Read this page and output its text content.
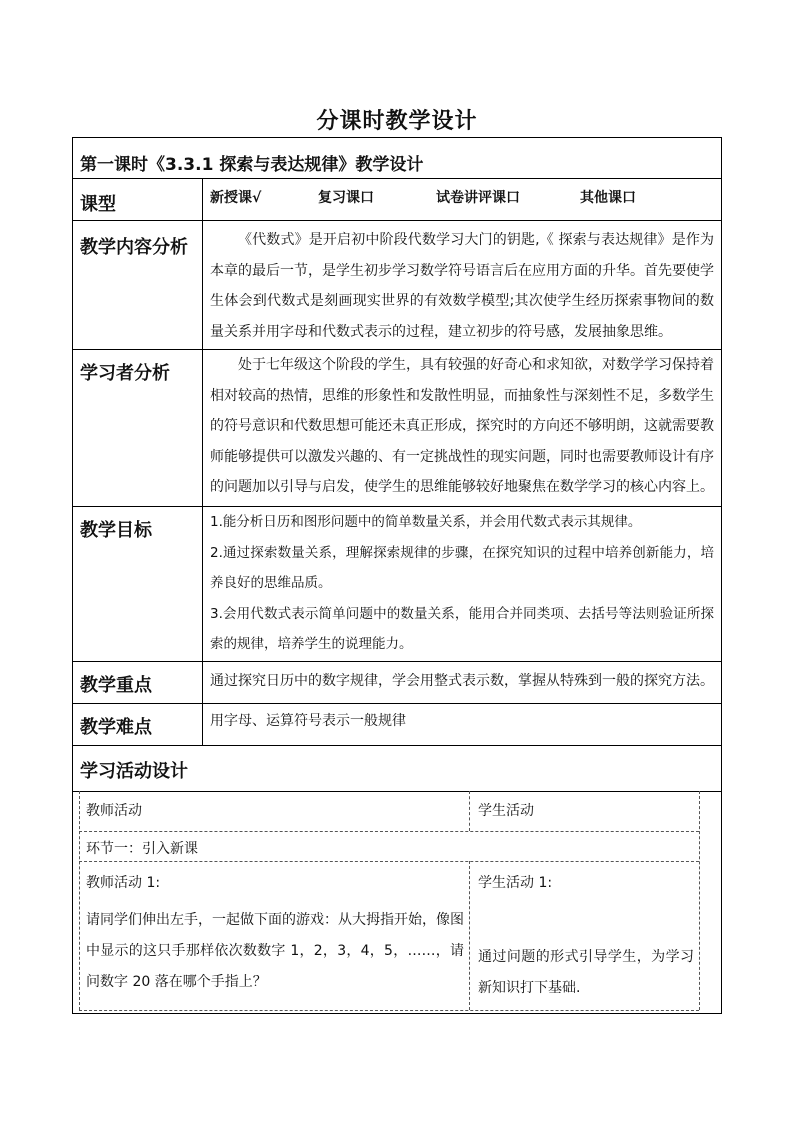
分课时教学设计
第一课时《3.3.1 探索与表达规律》教学设计
课型	新授课√	复习课口	试卷讲评课口	其他课口
教学内容分析	《代数式》是开启初中阶段代数学习大门的钥匙,《 探索与表达规律》是作为本章的最后一节，是学生初步学习数学符号语言后在应用方面的升华。首先要使学生体会到代数式是刻画现实世界的有效数学模型;其次使学生经历探索事物间的数量关系并用字母和代数式表示的过程，建立初步的符号感，发展抽象思维。

学习者分析	处于七年级这个阶段的学生，具有较强的好奇心和求知欲，对数学学习保持着相对较高的热情，思维的形象性和发散性明显，而抽象性与深刻性不足，多数学生的符号意识和代数思想可能还未真正形成，探究时的方向还不够明朗，这就需要教师能够提供可以激发兴趣的、有一定挑战性的现实问题，同时也需要教师设计有序的问题加以引导与启发，使学生的思维能够较好地聚焦在数学学习的核心内容上。

教学目标	1.能分析日历和图形问题中的简单数量关系，并会用代数式表示其规律。

2.通过探索数量关系，理解探索规律的步骤，在探究知识的过程中培养创新能力，培养良好的思维品质。

3.会用代数式表示简单问题中的数量关系，能用合并同类项、去括号等法则验证所探索的规律，培养学生的说理能力。

教学重点	通过探究日历中的数字规律，学会用整式表示数，掌握从特殊到一般的探究方法。
教学难点	用字母、运算符号表示一般规律
学习活动设计
教师活动	学生活动
环节一：引入新课
教师活动 1:

请同学们伸出左手，一起做下面的游戏：从大拇指开始，像图中显示的这只手那样依次数数字 1，2，3，4，5，……，请问数字 20 落在哪个手指上？

学生活动 1:

通过问题的形式引导学生，为学习新知识打下基础.
